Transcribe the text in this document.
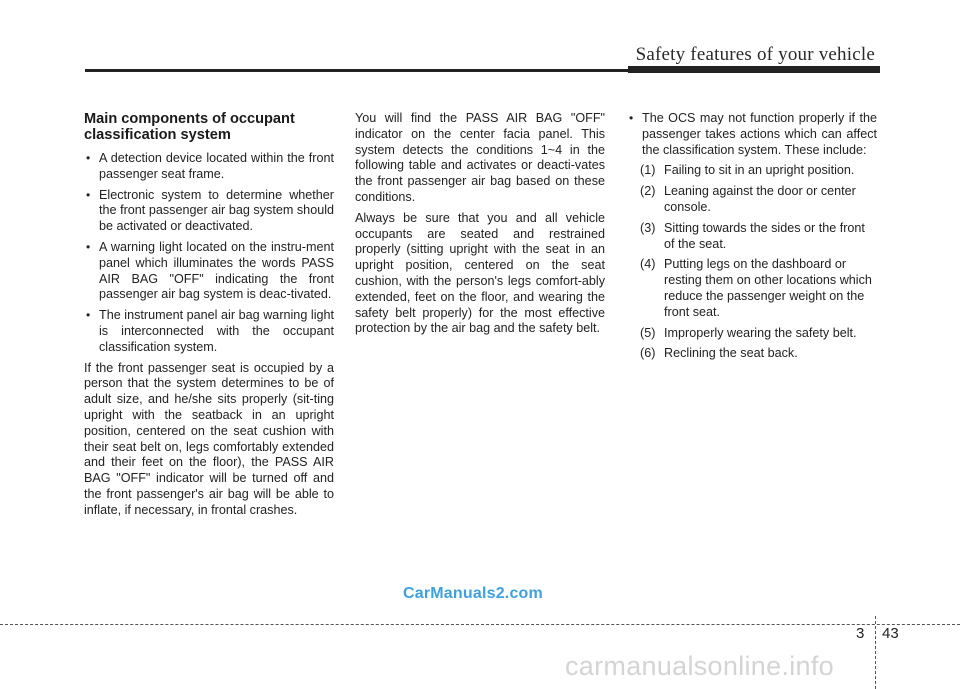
Safety features of your vehicle
Main components of occupant
classification system
• A detection device located within the front passenger seat frame.
• Electronic system to determine whether the front passenger air bag system should be activated or deactivated.
• A warning light located on the instru-ment panel which illuminates the words PASS AIR BAG "OFF" indicating the front passenger air bag system is deac-tivated.
• The instrument panel air bag warning light is interconnected with the occupant classification system.

If the front passenger seat is occupied by a person that the system determines to be of adult size, and he/she sits properly (sit-ting upright with the seatback in an upright position, centered on the seat cushion with their seat belt on, legs comfortably extended and their feet on the floor), the PASS AIR BAG "OFF" indicator will be turned off and the front passenger's air bag will be able to inflate, if necessary, in frontal crashes.

You will find the PASS AIR BAG "OFF" indicator on the center facia panel. This system detects the conditions 1~4 in the following table and activates or deacti-vates the front passenger air bag based on these conditions.

Always be sure that you and all vehicle occupants are seated and restrained properly (sitting upright with the seat in an upright position, centered on the seat cushion, with the person's legs comfort-ably extended, feet on the floor, and wearing the safety belt properly) for the most effective protection by the air bag and the safety belt.

• The OCS may not function properly if the passenger takes actions which can affect the classification system. These include:
(1) Failing to sit in an upright position.
(2) Leaning against the door or center console.
(3) Sitting towards the sides or the front of the seat.
(4) Putting legs on the dashboard or resting them on other locations which reduce the passenger weight on the front seat.
(5) Improperly wearing the safety belt.
(6) Reclining the seat back.
CarManuals2.com
3 43
carmanualsonline.info
